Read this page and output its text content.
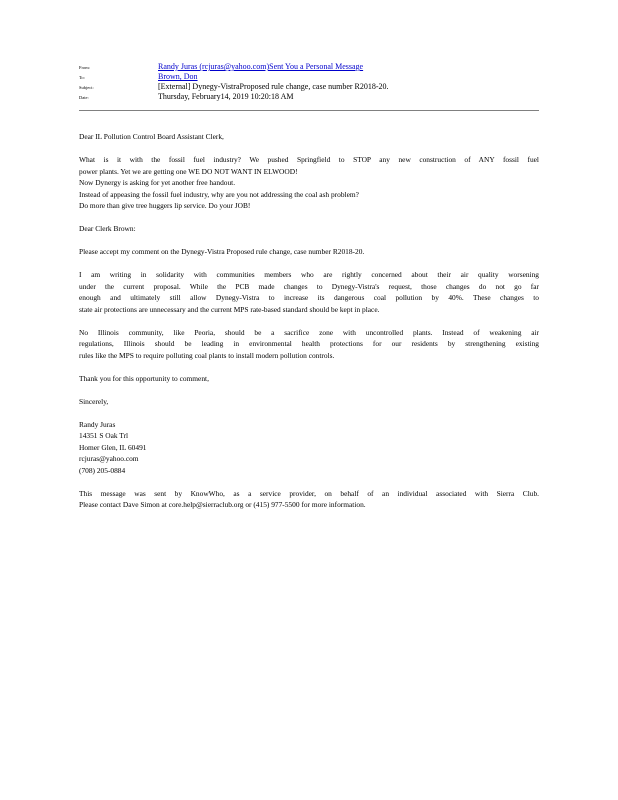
From:	Randy Juras (rcjuras@yahoo.com)Sent You a Personal Message
To:	Brown, Don
Subject:	[External] Dynegy-VistraProposed rule change, case number R2018-20.
Date:	Thursday, February14, 2019 10:20:18 AM

Dear IL Pollution Control Board Assistant Clerk,

What is it with the fossil fuel industry? We pushed Springfield to STOP any new construction of ANY fossil fuel
power plants. Yet we are getting one WE DO NOT WANT IN ELWOOD!
Now Dynergy is asking for yet another free handout.
Instead of appeasing the fossil fuel industry, why are you not addressing the coal ash problem?
Do more than give tree huggers lip service. Do your JOB!

Dear Clerk Brown:

Please accept my comment on the Dynegy-Vistra Proposed rule change, case number R2018-20.

I am writing in solidarity with communities members who are rightly concerned about their air quality worsening
under the current proposal. While the PCB made changes to Dynegy-Vistra's request, those changes do not go far
enough and ultimately still allow Dynegy-Vistra to increase its dangerous coal pollution by 40%. These changes to
state air protections are unnecessary and the current MPS rate-based standard should be kept in place.
No Illinois community, like Peoria, should be a sacrifice zone with uncontrolled plants. Instead of weakening air
regulations, Illinois should be leading in environmental health protections for our residents by strengthening existing
rules like the MPS to require polluting coal plants to install modern pollution controls.

Thank you for this opportunity to comment,

Sincerely,

Randy Juras
14351 S Oak Trl
Homer Glen, IL 60491
rcjuras@yahoo.com
(708) 205-0884
This message was sent by KnowWho, as a service provider, on behalf of an individual associated with Sierra Club.
Please contact Dave Simon at core.help@sierraclub.org or (415) 977-5500 for more information.
